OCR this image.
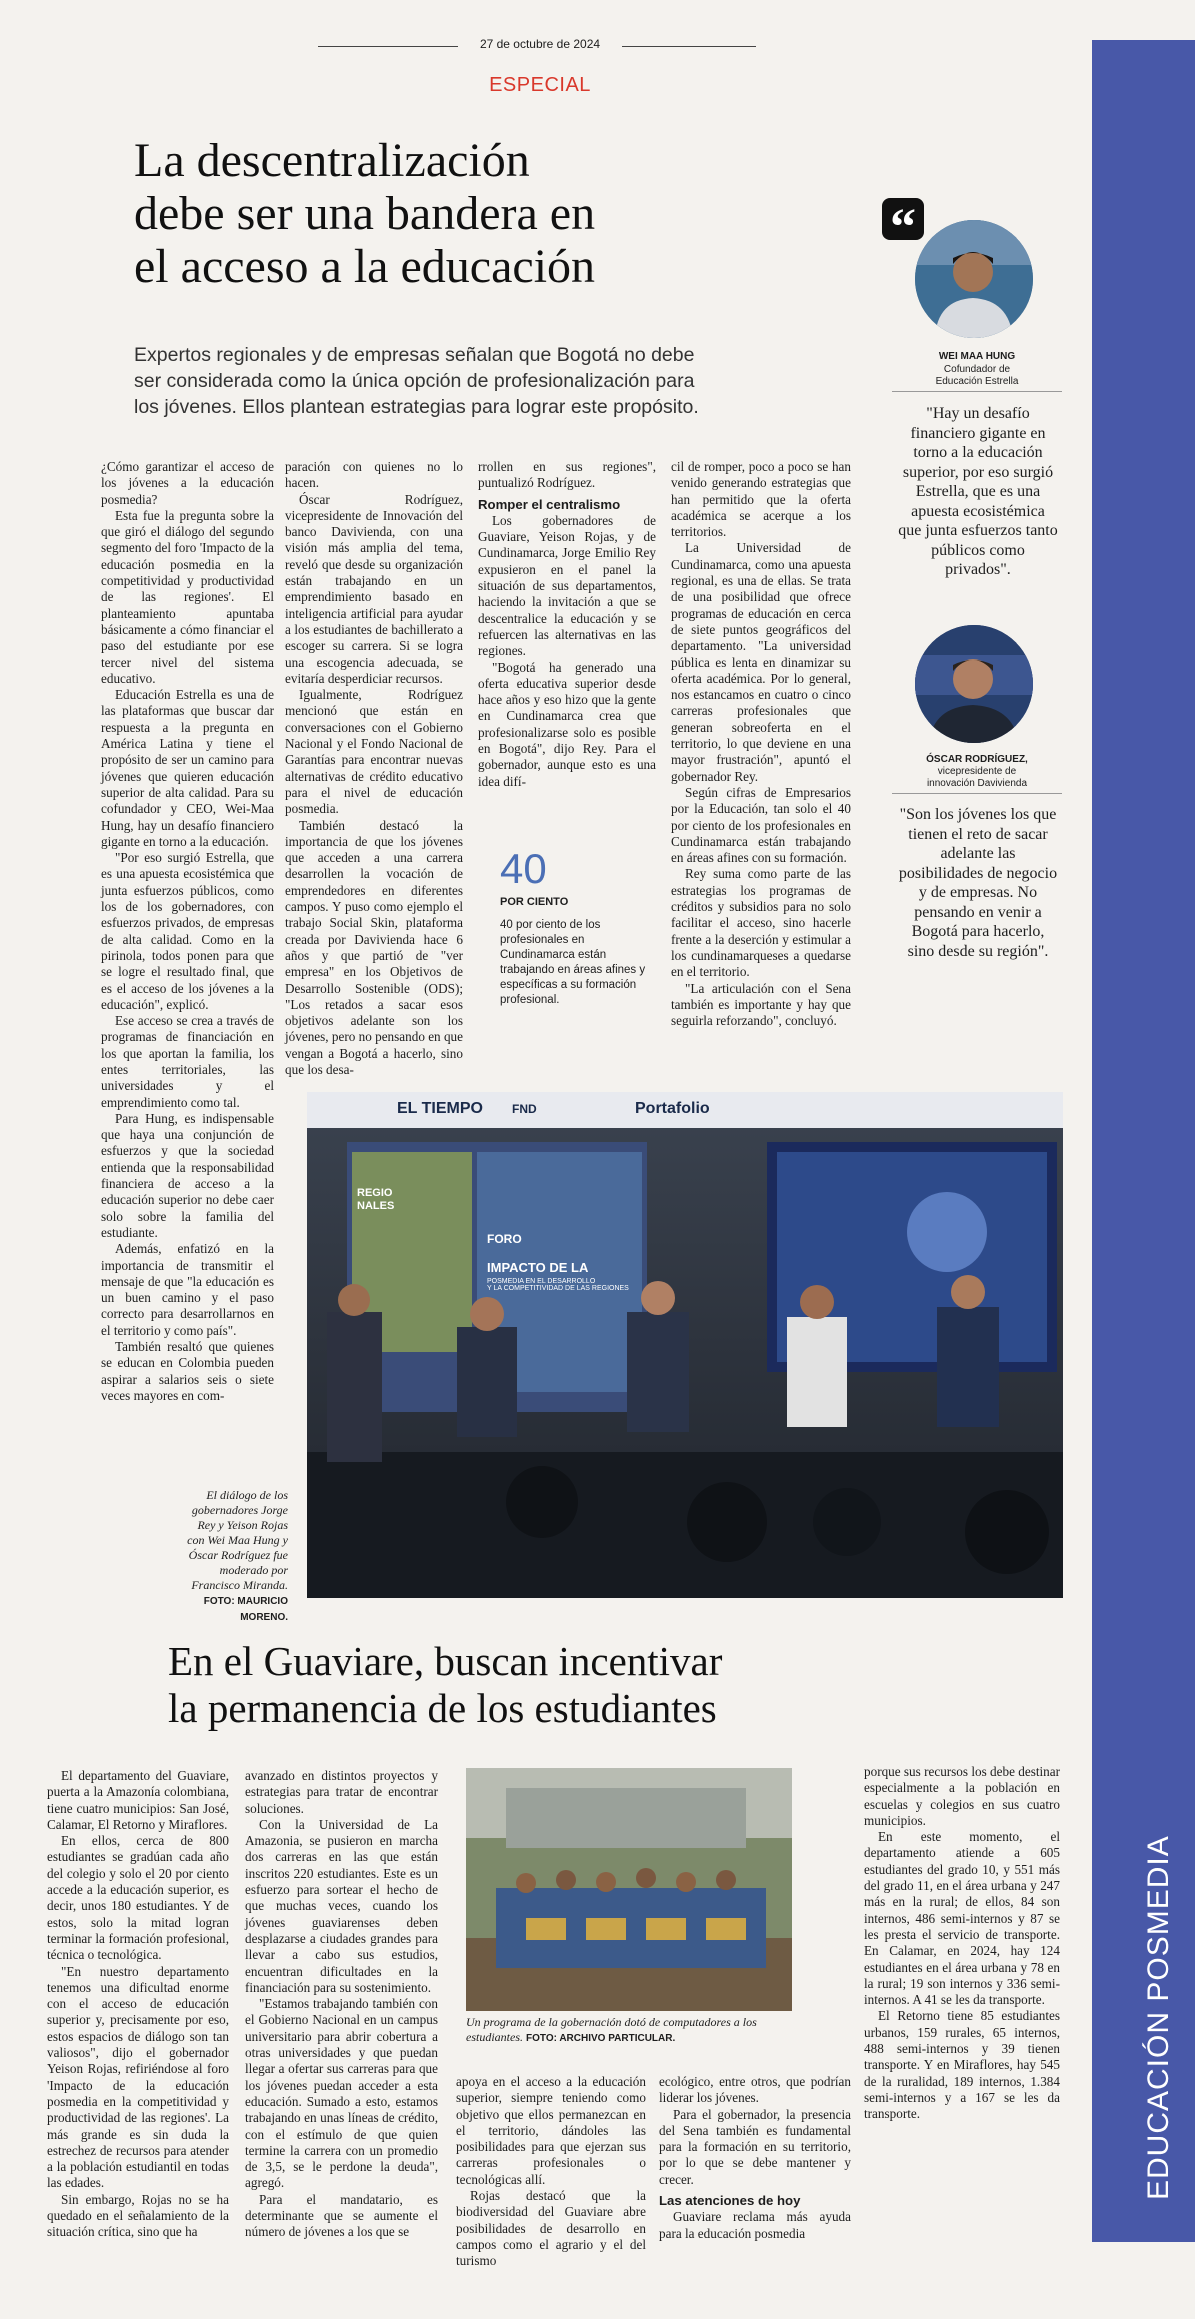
27 de octubre de 2024
ESPECIAL
EDUCACIÓN POSMEDIA
La descentralización
debe ser una bandera en
el acceso a la educación
Expertos regionales y de empresas señalan que Bogotá no debe
ser considerada como la única opción de profesionalización para
los jóvenes. Ellos plantean estrategias para lograr este propósito.

¿Cómo garantizar el acceso de los jóvenes a la educación posmedia?

Esta fue la pregunta sobre la que giró el diálogo del segundo segmento del foro 'Impacto de la educación posmedia en la competitividad y productividad de las regiones'. El planteamiento apuntaba básicamente a cómo financiar el paso del estudiante por ese tercer nivel del sistema educativo.

Educación Estrella es una de las plataformas que buscar dar respuesta a la pregunta en América Latina y tiene el propósito de ser un camino para jóvenes que quieren educación superior de alta calidad. Para su cofundador y CEO, Wei-Maa Hung, hay un desafío financiero gigante en torno a la educación.

"Por eso surgió Estrella, que es una apuesta ecosistémica que junta esfuerzos públicos, como los de los gobernadores, con esfuerzos privados, de empresas de alta calidad. Como en la pirinola, todos ponen para que se logre el resultado final, que es el acceso de los jóvenes a la educación", explicó.

Ese acceso se crea a través de programas de financiación en los que aportan la familia, los entes territoriales, las universidades y el emprendimiento como tal.

Para Hung, es indispensable que haya una conjunción de esfuerzos y que la sociedad entienda que la responsabilidad financiera de acceso a la educación superior no debe caer solo sobre la familia del estudiante.

Además, enfatizó en la importancia de transmitir el mensaje de que "la educación es un buen camino y el paso correcto para desarrollarnos en el territorio y como país".

También resaltó que quienes se educan en Colombia pueden aspirar a salarios seis o siete veces mayores en com-

paración con quienes no lo hacen.

Óscar Rodríguez, vicepresidente de Innovación del banco Davivienda, con una visión más amplia del tema, reveló que desde su organización están trabajando en un emprendimiento basado en inteligencia artificial para ayudar a los estudiantes de bachillerato a escoger su carrera. Si se logra una escogencia adecuada, se evitaría desperdiciar recursos.

Igualmente, Rodríguez mencionó que están en conversaciones con el Gobierno Nacional y el Fondo Nacional de Garantías para encontrar nuevas alternativas de crédito educativo para el nivel de educación posmedia.

También destacó la importancia de que los jóvenes que acceden a una carrera desarrollen la vocación de emprendedores en diferentes campos. Y puso como ejemplo el trabajo Social Skin, plataforma creada por Davivienda hace 6 años y que partió de "ver empresa" en los Objetivos de Desarrollo Sostenible (ODS); "Los retados a sacar esos objetivos adelante son los jóvenes, pero no pensando en que vengan a Bogotá a hacerlo, sino que los desa-

rrollen en sus regiones", puntualizó Rodríguez.

Romper el centralismo

Los gobernadores de Guaviare, Yeison Rojas, y de Cundinamarca, Jorge Emilio Rey expusieron en el panel la situación de sus departamentos, haciendo la invitación a que se descentralice la educación y se refuercen las alternativas en las regiones.

"Bogotá ha generado una oferta educativa superior desde hace años y eso hizo que la gente en Cundinamarca crea que profesionalizarse solo es posible en Bogotá", dijo Rey. Para el gobernador, aunque esto es una idea difí-

40
POR CIENTO
40 por ciento de los profesionales en Cundinamarca están trabajando en áreas afines y específicas a su formación profesional.

cil de romper, poco a poco se han venido generando estrategias que han permitido que la oferta académica se acerque a los territorios.

La Universidad de Cundinamarca, como una apuesta regional, es una de ellas. Se trata de una posibilidad que ofrece programas de educación en cerca de siete puntos geográficos del departamento. "La universidad pública es lenta en dinamizar su oferta académica. Por lo general, nos estancamos en cuatro o cinco carreras profesionales que generan sobreoferta en el territorio, lo que deviene en una mayor frustración", apuntó el gobernador Rey.

Según cifras de Empresarios por la Educación, tan solo el 40 por ciento de los profesionales en Cundinamarca están trabajando en áreas afines con su formación.

Rey suma como parte de las estrategias los programas de créditos y subsidios para no solo facilitar el acceso, sino hacerle frente a la deserción y estimular a los cundinamarqueses a quedarse en el territorio.

"La articulación con el Sena también es importante y hay que seguirla reforzando", concluyó.

“
WEI MAA HUNG
Cofundador de
Educación Estrella
"Hay un desafío financiero gigante en torno a la educación superior, por eso surgió Estrella, que es una apuesta ecosistémica que junta esfuerzos tanto públicos como privados".
ÓSCAR RODRÍGUEZ,
vicepresidente de
innovación Davivienda
"Son los jóvenes los que tienen el reto de sacar adelante las posibilidades de negocio y de empresas. No pensando en venir a Bogotá para hacerlo, sino desde su región".
EL TIEMPO FND	Portafolio
REGIO
NALES
FORO
IMPACTO DE LA
POSMEDIA EN EL DESARROLLO
Y LA COMPETITIVIDAD DE LAS REGIONES
El diálogo de los gobernadores Jorge Rey y Yeison Rojas con Wei Maa Hung y Óscar Rodríguez fue moderado por Francisco Miranda. FOTO: MAURICIO MORENO.
En el Guaviare, buscan incentivar
la permanencia de los estudiantes

El departamento del Guaviare, puerta a la Amazonía colombiana, tiene cuatro municipios: San José, Calamar, El Retorno y Miraflores.

En ellos, cerca de 800 estudiantes se gradúan cada año del colegio y solo el 20 por ciento accede a la educación superior, es decir, unos 180 estudiantes. Y de estos, solo la mitad logran terminar la formación profesional, técnica o tecnológica.

"En nuestro departamento tenemos una dificultad enorme con el acceso de educación superior y, precisamente por eso, estos espacios de diálogo son tan valiosos", dijo el gobernador Yeison Rojas, refiriéndose al foro 'Impacto de la educación posmedia en la competitividad y productividad de las regiones'. La más grande es sin duda la estrechez de recursos para atender a la población estudiantil en todas las edades.

Sin embargo, Rojas no se ha quedado en el señalamiento de la situación crítica, sino que ha

avanzado en distintos proyectos y estrategias para tratar de encontrar soluciones.

Con la Universidad de La Amazonia, se pusieron en marcha dos carreras en las que están inscritos 220 estudiantes. Este es un esfuerzo para sortear el hecho de que muchas veces, cuando los jóvenes guaviarenses deben desplazarse a ciudades grandes para llevar a cabo sus estudios, encuentran dificultades en la financiación para su sostenimiento.

"Estamos trabajando también con el Gobierno Nacional en un campus universitario para abrir cobertura a otras universidades y que puedan llegar a ofertar sus carreras para que los jóvenes puedan acceder a esta educación. Sumado a esto, estamos trabajando en unas líneas de crédito, con el estímulo de que quien termine la carrera con un promedio de 3,5, se le perdone la deuda", agregó.

Para el mandatario, es determinante que se aumente el número de jóvenes a los que se

Un programa de la gobernación dotó de computadores a los estudiantes. FOTO: ARCHIVO PARTICULAR.

apoya en el acceso a la educación superior, siempre teniendo como objetivo que ellos permanezcan en el territorio, dándoles las posibilidades para que ejerzan sus carreras profesionales o tecnológicas allí.

Rojas destacó que la biodiversidad del Guaviare abre posibilidades de desarrollo en campos como el agrario y el del turismo

ecológico, entre otros, que podrían liderar los jóvenes.

Para el gobernador, la presencia del Sena también es fundamental para la formación en su territorio, por lo que se debe mantener y crecer.

Las atenciones de hoy

Guaviare reclama más ayuda para la educación posmedia

porque sus recursos los debe destinar especialmente a la población en escuelas y colegios en sus cuatro municipios.

En este momento, el departamento atiende a 605 estudiantes del grado 10, y 551 más del grado 11, en el área urbana y 247 más en la rural; de ellos, 84 son internos, 486 semi-internos y 87 se les presta el servicio de transporte. En Calamar, en 2024, hay 124 estudiantes en el área urbana y 78 en la rural; 19 son internos y 336 semi-internos. A 41 se les da transporte.

El Retorno tiene 85 estudiantes urbanos, 159 rurales, 65 internos, 488 semi-internos y 39 tienen transporte. Y en Miraflores, hay 545 de la ruralidad, 189 internos, 1.384 semi-internos y a 167 se les da transporte.
